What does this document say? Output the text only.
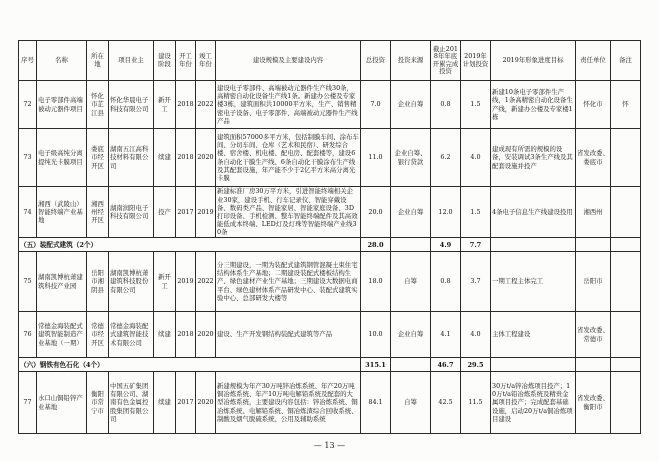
序号	名称	所在地	项目业主	建设阶段	开工年份	竣工年份	建设规模及主要建设内容	总投资	投资来源	截止2018年年底开累完成投资	2019年计划投资	2019年形象进度目标	责任单位	备注
72	电子零部件高端被动元器件项目	怀化市芷江县	怀化华晨电子科技有限公司	新开工	2018	2022	建设电子零部件、高端被动元器件生产线30条，高精密自动化设备生产线1条。新建办公楼及专家楼3栋，建筑面积共10000平方米，生产、销售精密电子设备、电子零部件、高端被动元器件生产线产品	7.0	企业自筹	0.8	1.5	新建10条电子零部件生产线，1条高精密自动化设备生产线，新建办公楼及专家楼1栋	怀化市	怀
73	电子级高纯分离提纯光卡膜项目	娄底市经开区	湖南五江高科技材料有限公司	续建	2018	2020	建筑面积57000多平方米，包括制膜车间、涂布车间、分切车间、仓库（艺术和民宿）、研发综合楼、宿舍楼、机电楼、配电房、配套楼等，建设6条自动化干膜生产线、6条自动化干膜涂布生产线及其配套设施，年产能不少于2亿平方米高分离光卡膜	11.0	企业自筹、银行贷款	6.2	4.0	建成现有所需的规模的设备，安装调试3条生产线及其配套设施并投产	省发改委、娄底市	
74	湘西（武陵山）智能终端产业基地	湘西州经开区	湖南润阳电子科技有限公司	投产	2017	2019	新建标准厂房30万平方米，引进智能终端相关企业30家，建设手机、行车记录仪、智能穿戴设备、数码类产品、智能家居、智能家庭设备、3D打印设备、手机检测、整车智能终端配件及其高效能低成本终端、LED灯及灯珠等智能终端产业线30条	20.0	企业自筹	12.0	1.5	4条电子信息生产线建设投用	湘西州	
（五）装配式建筑（2个）								28.0		4.9	7.7			
75	湖南凯博杭萧建筑科技产业园	岳阳市湘阴县	湖南凯博杭萧建筑科技股份有限公司	新开工	2019	2022	分三期建设，一期为装配式建筑钢管混凝土束住宅结构体系生产基地；二期建设装配式楼板结构生产、绿色建材产业生产基地；三期建设大数据电商平台、绿色建材体系产品研发中心、装配式建筑实验中心、总部研发大楼等	18.0	自筹	0.8	3.7	一期工程主体完工	岳阳市	
76	常德金海装配式建筑智能制造产业基地（一期）	常德市经开区	常德金海装配式建筑智能技术有限公司	续建	2018	2020	建设、生产开发钢结构装配式建筑等产品	10.0	企业自筹	4.1	4.0	主体工程建设	省发改委、常德市	
（六）钢铁有色石化（4个）								315.1		46.7	29.5			
77	水口山铜铅锌产业基地	衡阳市常宁市	中国五矿集团有限公司、湖南有色金属控股集团有限公司	续建	2017	2020	新建规模为年产30万吨锌冶炼系统、年产20万吨铜冶炼系统、年产10万吨电解铅系统及配套的大型冶炼系统，主要建设内容包括：锌冶炼系统、铜冶炼系统、电解铅系统、铜冶炼渣综合回收系统、制酸及烟气脱硫系统、公用及辅助系统	84.1	自筹	42.5	11.5	30万t/a锌冶炼项目投产；10万t/a铅冶炼系统及精贵金属项目投产；完成配套基础设施，启动20万t/a铜冶炼项目建设	省发改委、衡阳市	
— 13 —
